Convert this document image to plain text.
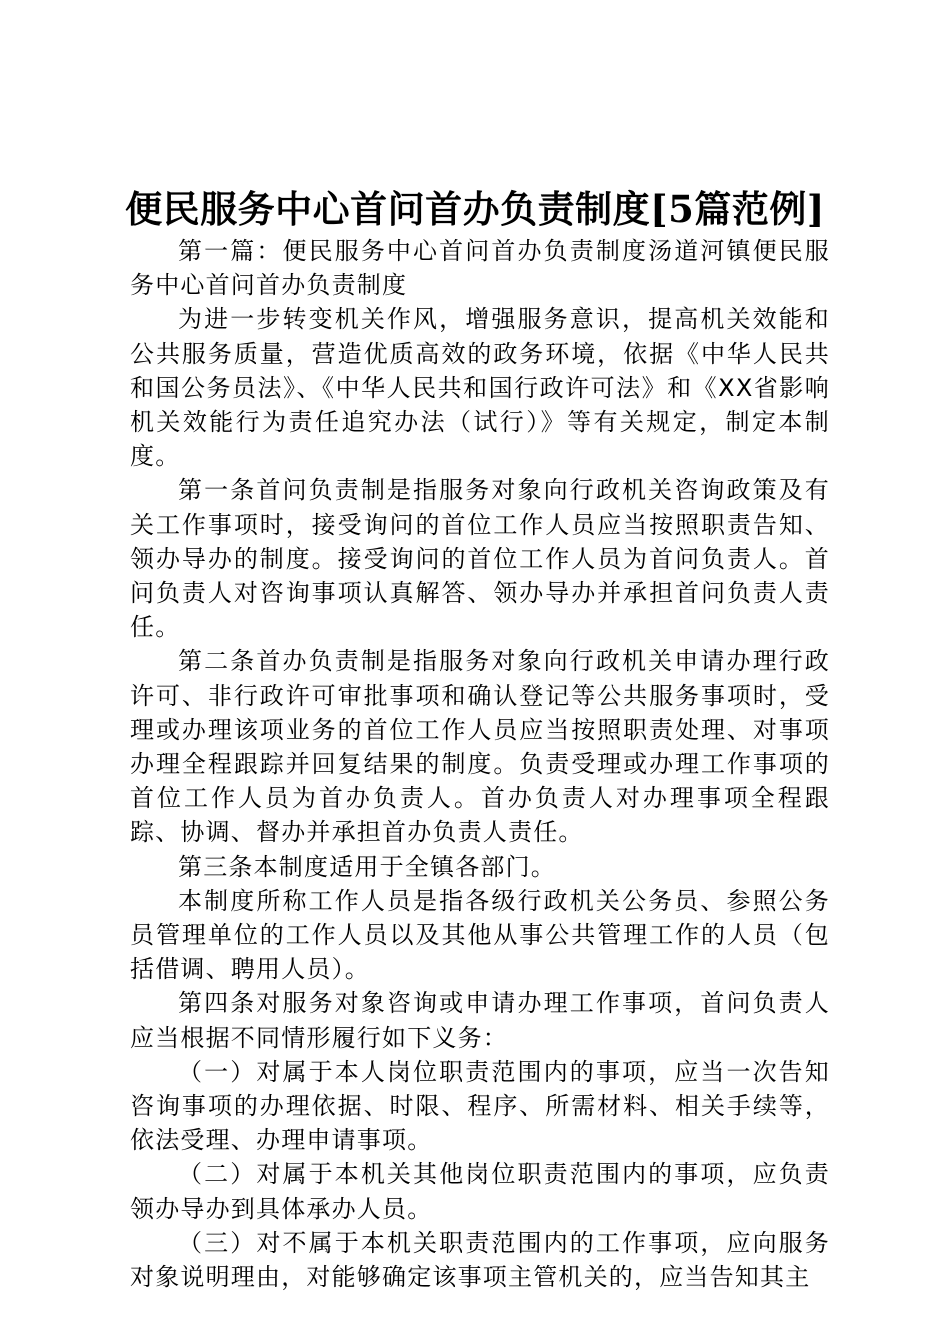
便民服务中心首问首办负责制度[5篇范例]

第一篇：便民服务中心首问首办负责制度汤道河镇便民服务中心首问首办负责制度

为进一步转变机关作风，增强服务意识，提高机关效能和公共服务质量，营造优质高效的政务环境，依据《中华人民共和国公务员法》、《中华人民共和国行政许可法》和《XX省影响机关效能行为责任追究办法（试行）》等有关规定，制定本制度。

第一条首问负责制是指服务对象向行政机关咨询政策及有关工作事项时，接受询问的首位工作人员应当按照职责告知、领办导办的制度。接受询问的首位工作人员为首问负责人。首问负责人对咨询事项认真解答、领办导办并承担首问负责人责任。

第二条首办负责制是指服务对象向行政机关申请办理行政许可、非行政许可审批事项和确认登记等公共服务事项时，受理或办理该项业务的首位工作人员应当按照职责处理、对事项办理全程跟踪并回复结果的制度。负责受理或办理工作事项的首位工作人员为首办负责人。首办负责人对办理事项全程跟踪、协调、督办并承担首办负责人责任。

第三条本制度适用于全镇各部门。

本制度所称工作人员是指各级行政机关公务员、参照公务员管理单位的工作人员以及其他从事公共管理工作的人员（包括借调、聘用人员）。

第四条对服务对象咨询或申请办理工作事项，首问负责人应当根据不同情形履行如下义务：

（一）对属于本人岗位职责范围内的事项，应当一次告知咨询事项的办理依据、时限、程序、所需材料、相关手续等，依法受理、办理申请事项。

（二）对属于本机关其他岗位职责范围内的事项，应负责领办导办到具体承办人员。

（三）对不属于本机关职责范围内的工作事项，应向服务对象说明理由，对能够确定该事项主管机关的，应当告知其主
